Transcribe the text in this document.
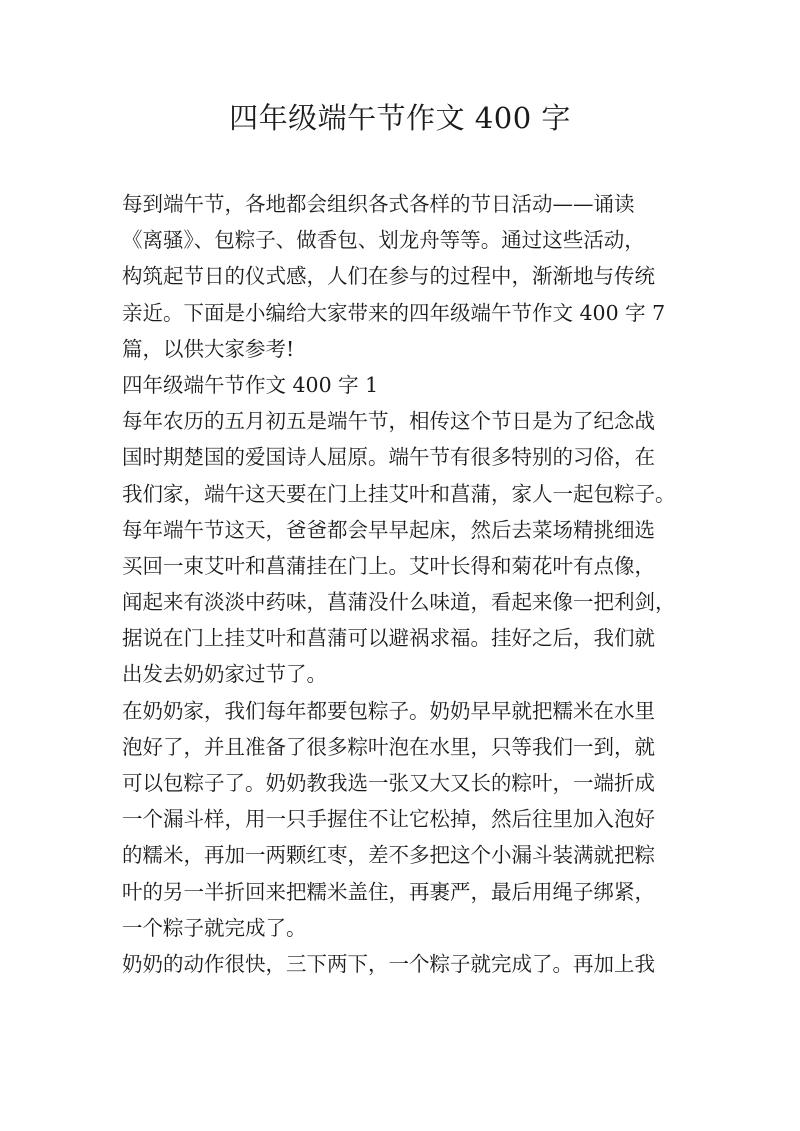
四年级端午节作文 400 字
每到端午节，各地都会组织各式各样的节日活动——诵读
《离骚》、包粽子、做香包、划龙舟等等。通过这些活动，
构筑起节日的仪式感，人们在参与的过程中，渐渐地与传统
亲近。下面是小编给大家带来的四年级端午节作文 400 字 7
篇，以供大家参考!
四年级端午节作文 400 字 1
每年农历的五月初五是端午节，相传这个节日是为了纪念战
国时期楚国的爱国诗人屈原。端午节有很多特别的习俗，在
我们家，端午这天要在门上挂艾叶和菖蒲，家人一起包粽子。
每年端午节这天，爸爸都会早早起床，然后去菜场精挑细选
买回一束艾叶和菖蒲挂在门上。艾叶长得和菊花叶有点像，
闻起来有淡淡中药味，菖蒲没什么味道，看起来像一把利剑，
据说在门上挂艾叶和菖蒲可以避祸求福。挂好之后，我们就
出发去奶奶家过节了。
在奶奶家，我们每年都要包粽子。奶奶早早就把糯米在水里
泡好了，并且准备了很多粽叶泡在水里，只等我们一到，就
可以包粽子了。奶奶教我选一张又大又长的粽叶，一端折成
一个漏斗样，用一只手握住不让它松掉，然后往里加入泡好
的糯米，再加一两颗红枣，差不多把这个小漏斗装满就把粽
叶的另一半折回来把糯米盖住，再裹严，最后用绳子绑紧，
一个粽子就完成了。
奶奶的动作很快，三下两下，一个粽子就完成了。再加上我
